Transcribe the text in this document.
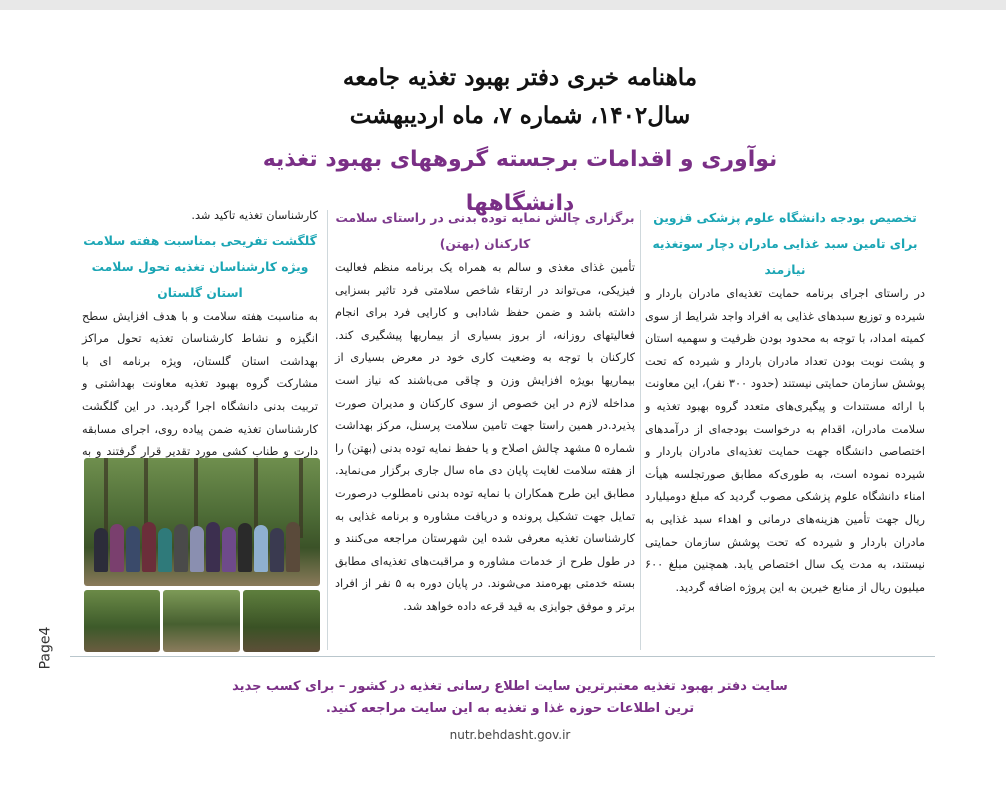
ماهنامه خبری دفتر بهبود تغذیه جامعه
سال۱۴۰۲، شماره ۷، ماه اردیبهشت
نوآوری و اقدامات برجسته گروههای بهبود تغذیه دانشگاهها
تخصیص بودجه دانشگاه علوم پزشکی قزوین برای تامین سبد غذایی مادران دچار سوتغذیه نیازمند
در راستای اجرای برنامه حمایت تغذیه‌ای مادران باردار و شیرده و توزیع سبدهای غذایی به افراد واجد شرایط از سوی کمیته امداد، با توجه به محدود بودن ظرفیت و سهمیه استان و پشت نوبت بودن تعداد مادران باردار و شیرده که تحت پوشش سازمان حمایتی نیستند (حدود ۳۰۰ نفر)، این معاونت با ارائه مستندات و پیگیری‌های متعدد گروه بهبود تغذیه و سلامت مادران، اقدام به درخواست بودجه‌ای از درآمدهای اختصاصی دانشگاه جهت حمایت تغذیه‌ای مادران باردار و شیرده نموده است، به طوری‌که مطابق صورتجلسه هیأت امناء دانشگاه علوم پزشکی مصوب گردید که مبلغ دومیلیارد ریال جهت تأمین هزینه‌های درمانی و اهداء سبد غذایی به مادران باردار و شیرده که تحت پوشش سازمان حمایتی نیستند، به مدت یک سال اختصاص یابد. همچنین مبلغ ۶۰۰ میلیون ریال از منابع خیرین به این پروژه اضافه گردید.
برگزاری چالش نمایه توده بدنی در راستای سلامت کارکنان (بهتن)
تأمین غذای مغذی و سالم به همراه یک برنامه منظم فعالیت فیزیکی، می‌تواند در ارتقاء شاخص سلامتی فرد تاثیر بسزایی داشته باشد و ضمن حفظ شادابی و کارایی فرد برای انجام فعالیتهای روزانه، از بروز بسیاری از بیماریها پیشگیری کند. کارکنان با توجه به وضعیت کاری خود در معرض بسیاری از بیماریها بویژه افزایش وزن و چاقی می‌باشند که نیاز است مداخله لازم در این خصوص از سوی کارکنان و مدیران صورت پذیرد.در همین راستا جهت تامین سلامت پرسنل، مرکز بهداشت شماره ۵ مشهد چالش اصلاح و یا حفظ نمایه توده بدنی (بهتن) را از هفته سلامت لغایت پایان دی ماه سال جاری برگزار می‌نماید. مطابق این طرح همکاران با نمایه توده بدنی نامطلوب درصورت تمایل جهت تشکیل پرونده و دریافت مشاوره و برنامه غذایی به کارشناسان تغذیه معرفی شده این شهرستان مراجعه می‌کنند و در طول طرح از خدمات مشاوره و مراقبت‌های تغذیه‌ای مطابق بسته خدمتی بهره‌مند می‌شوند. در پایان دوره به ۵ نفر از افراد برتر و موفق جوایزی به قید قرعه داده خواهد شد.
کارشناسان تغذیه تاکید شد.
گلگشت تفریحی بمناسبت هفته سلامت ویژه کارشناسان تغذیه تحول سلامت استان گلستان
به مناسبت هفته سلامت و با هدف افزایش سطح انگیزه و نشاط کارشناسان تغذیه تحول مراکز بهداشت استان گلستان، ویژه برنامه ای با مشارکت گروه بهبود تغذیه معاونت بهداشتی و تربیت بدنی دانشگاه اجرا گردید. در این گلگشت کارشناسان تغذیه ضمن پیاده روی، اجرای مسابقه دارت و طناب کشی مورد تقدیر قرار گرفتند و به
Page4
سایت دفتر بهبود تغذیه معتبرترین سایت اطلاع رسانی تغذیه در کشور – برای کسب جدید ترین اطلاعات حوزه غذا و تغذیه به این سایت مراجعه کنید.
nutr.behdasht.gov.ir
